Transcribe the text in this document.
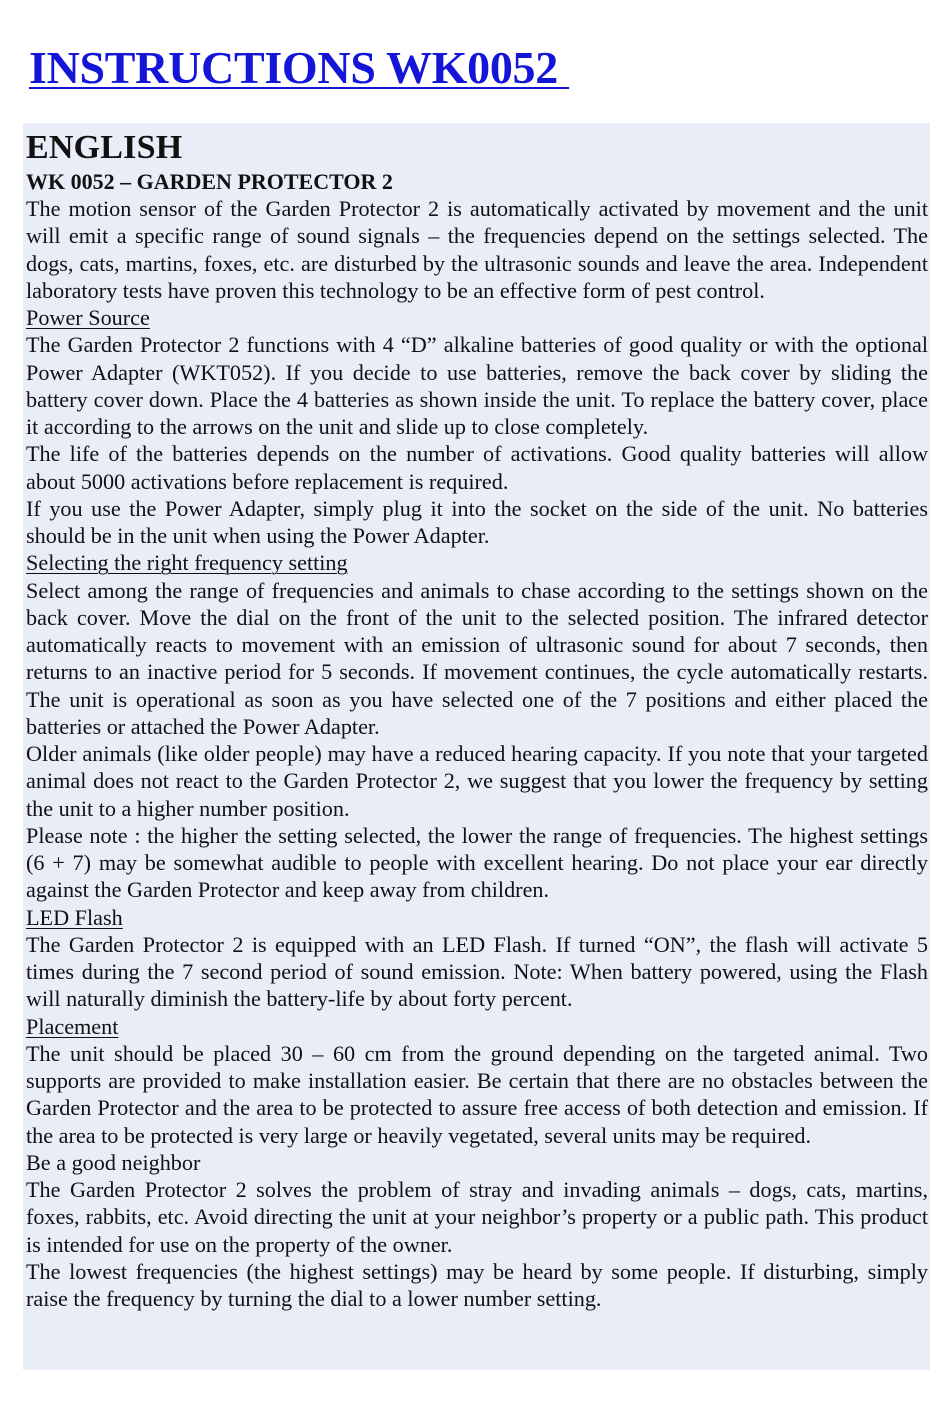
INSTRUCTIONS WK0052
ENGLISH
WK 0052 – GARDEN PROTECTOR 2

The motion sensor of the Garden Protector 2 is automatically activated by movement and the unit will emit a specific range of sound signals – the frequencies depend on the settings selected. The dogs, cats, martins, foxes, etc. are disturbed by the ultrasonic sounds and leave the area. Independent laboratory tests have proven this technology to be an effective form of pest control.

Power Source

The Garden Protector 2 functions with 4 “D” alkaline batteries of good quality or with the optional Power Adapter (WKT052). If you decide to use batteries, remove the back cover by sliding the battery cover down. Place the 4 batteries as shown inside the unit. To replace the battery cover, place it according to the arrows on the unit and slide up to close completely.

The life of the batteries depends on the number of activations. Good quality batteries will allow about 5000 activations before replacement is required.

If you use the Power Adapter, simply plug it into the socket on the side of the unit. No batteries should be in the unit when using the Power Adapter.

Selecting the right frequency setting

Select among the range of frequencies and animals to chase according to the settings shown on the back cover. Move the dial on the front of the unit to the selected position. The infrared detector automatically reacts to movement with an emission of ultrasonic sound for about 7 seconds, then returns to an inactive period for 5 seconds. If movement continues, the cycle automatically restarts. The unit is operational as soon as you have selected one of the 7 positions and either placed the batteries or attached the Power Adapter.

Older animals (like older people) may have a reduced hearing capacity. If you note that your targeted animal does not react to the Garden Protector 2, we suggest that you lower the frequency by setting the unit to a higher number position.

Please note : the higher the setting selected, the lower the range of frequencies. The highest settings (6 + 7) may be somewhat audible to people with excellent hearing. Do not place your ear directly against the Garden Protector and keep away from children.

LED Flash

The Garden Protector 2 is equipped with an LED Flash. If turned “ON”, the flash will activate 5 times during the 7 second period of sound emission. Note: When battery powered, using the Flash will naturally diminish the battery-life by about forty percent.

Placement

The unit should be placed 30 – 60 cm from the ground depending on the targeted animal. Two supports are provided to make installation easier. Be certain that there are no obstacles between the Garden Protector and the area to be protected to assure free access of both detection and emission. If the area to be protected is very large or heavily vegetated, several units may be required.

Be a good neighbor

The Garden Protector 2 solves the problem of stray and invading animals – dogs, cats, martins, foxes, rabbits, etc. Avoid directing the unit at your neighbor’s property or a public path. This product is intended for use on the property of the owner.

The lowest frequencies (the highest settings) may be heard by some people. If disturbing, simply raise the frequency by turning the dial to a lower number setting.
